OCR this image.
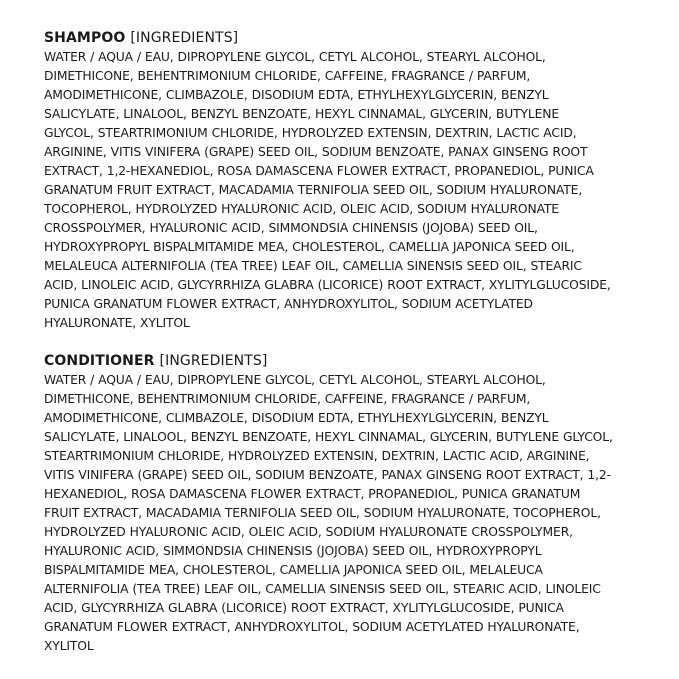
SHAMPOO [INGREDIENTS]

WATER / AQUA / EAU, DIPROPYLENE GLYCOL, CETYL ALCOHOL, STEARYL ALCOHOL,
DIMETHICONE, BEHENTRIMONIUM CHLORIDE, CAFFEINE, FRAGRANCE / PARFUM,
AMODIMETHICONE, CLIMBAZOLE, DISODIUM EDTA, ETHYLHEXYLGLYCERIN, BENZYL
SALICYLATE, LINALOOL, BENZYL BENZOATE, HEXYL CINNAMAL, GLYCERIN, BUTYLENE
GLYCOL, STEARTRIMONIUM CHLORIDE, HYDROLYZED EXTENSIN, DEXTRIN, LACTIC ACID,
ARGININE, VITIS VINIFERA (GRAPE) SEED OIL, SODIUM BENZOATE, PANAX GINSENG ROOT
EXTRACT, 1,2-HEXANEDIOL, ROSA DAMASCENA FLOWER EXTRACT, PROPANEDIOL, PUNICA
GRANATUM FRUIT EXTRACT, MACADAMIA TERNIFOLIA SEED OIL, SODIUM HYALURONATE,
TOCOPHEROL, HYDROLYZED HYALURONIC ACID, OLEIC ACID, SODIUM HYALURONATE
CROSSPOLYMER, HYALURONIC ACID, SIMMONDSIA CHINENSIS (JOJOBA) SEED OIL,
HYDROXYPROPYL BISPALMITAMIDE MEA, CHOLESTEROL, CAMELLIA JAPONICA SEED OIL,
MELALEUCA ALTERNIFOLIA (TEA TREE) LEAF OIL, CAMELLIA SINENSIS SEED OIL, STEARIC
ACID, LINOLEIC ACID, GLYCYRRHIZA GLABRA (LICORICE) ROOT EXTRACT, XYLITYLGLUCOSIDE,
PUNICA GRANATUM FLOWER EXTRACT, ANHYDROXYLITOL, SODIUM ACETYLATED
HYALURONATE, XYLITOL

CONDITIONER [INGREDIENTS]

WATER / AQUA / EAU, DIPROPYLENE GLYCOL, CETYL ALCOHOL, STEARYL ALCOHOL,
DIMETHICONE, BEHENTRIMONIUM CHLORIDE, CAFFEINE, FRAGRANCE / PARFUM,
AMODIMETHICONE, CLIMBAZOLE, DISODIUM EDTA, ETHYLHEXYLGLYCERIN, BENZYL
SALICYLATE, LINALOOL, BENZYL BENZOATE, HEXYL CINNAMAL, GLYCERIN, BUTYLENE GLYCOL,
STEARTRIMONIUM CHLORIDE, HYDROLYZED EXTENSIN, DEXTRIN, LACTIC ACID, ARGININE,
VITIS VINIFERA (GRAPE) SEED OIL, SODIUM BENZOATE, PANAX GINSENG ROOT EXTRACT, 1,2-
HEXANEDIOL, ROSA DAMASCENA FLOWER EXTRACT, PROPANEDIOL, PUNICA GRANATUM
FRUIT EXTRACT, MACADAMIA TERNIFOLIA SEED OIL, SODIUM HYALURONATE, TOCOPHEROL,
HYDROLYZED HYALURONIC ACID, OLEIC ACID, SODIUM HYALURONATE CROSSPOLYMER,
HYALURONIC ACID, SIMMONDSIA CHINENSIS (JOJOBA) SEED OIL, HYDROXYPROPYL
BISPALMITAMIDE MEA, CHOLESTEROL, CAMELLIA JAPONICA SEED OIL, MELALEUCA
ALTERNIFOLIA (TEA TREE) LEAF OIL, CAMELLIA SINENSIS SEED OIL, STEARIC ACID, LINOLEIC
ACID, GLYCYRRHIZA GLABRA (LICORICE) ROOT EXTRACT, XYLITYLGLUCOSIDE, PUNICA
GRANATUM FLOWER EXTRACT, ANHYDROXYLITOL, SODIUM ACETYLATED HYALURONATE,
XYLITOL
